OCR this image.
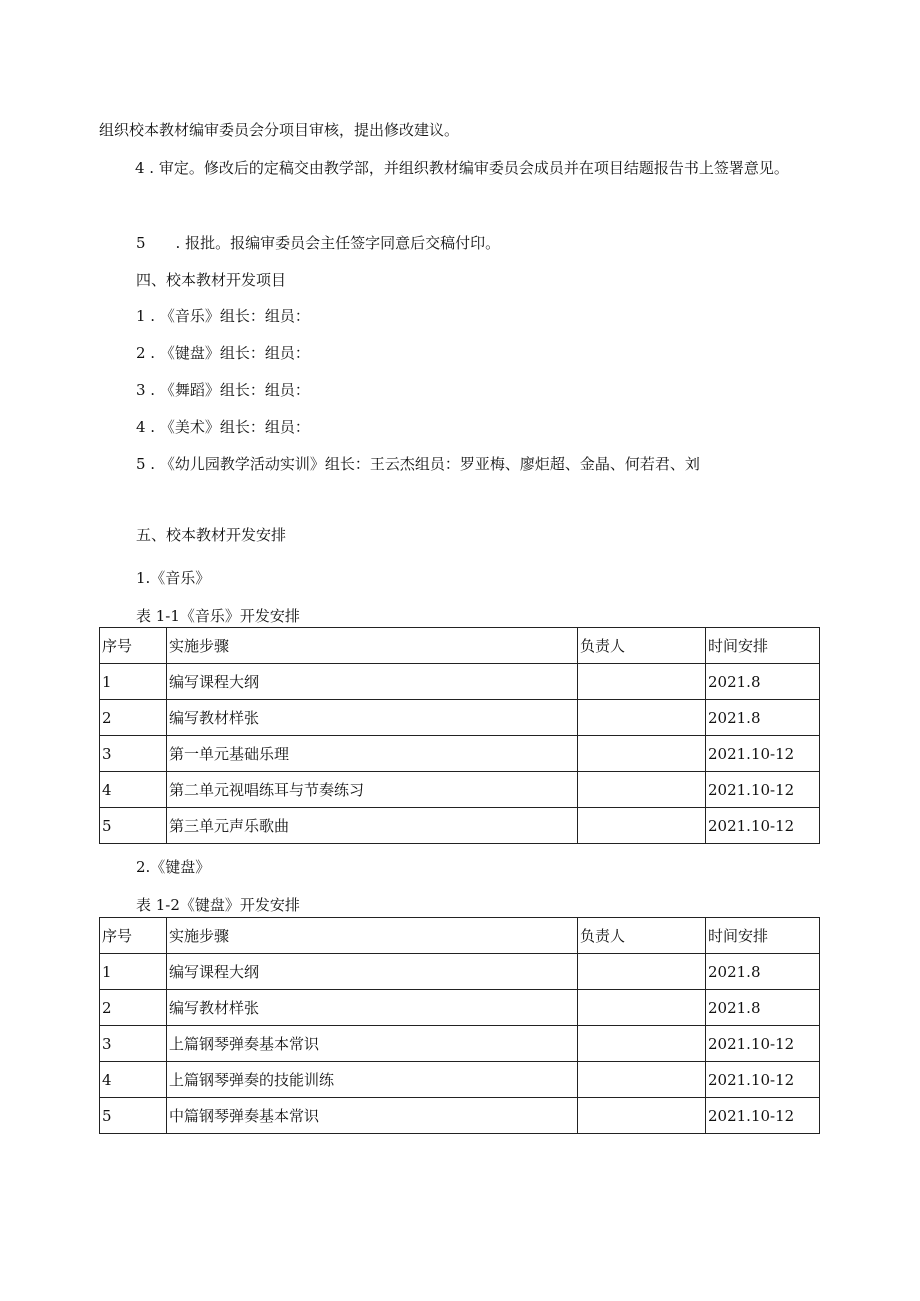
组织校本教材编审委员会分项目审核，提出修改建议。
4 . 审定。修改后的定稿交由教学部，并组织教材编审委员会成员并在项目结题报告书上签署意见。
5　　. 报批。报编审委员会主任签字同意后交稿付印。
四、校本教材开发项目
1 . 《音乐》组长：组员：
2 . 《键盘》组长：组员：
3 . 《舞蹈》组长：组员：
4 . 《美术》组长：组员：
5 . 《幼儿园教学活动实训》组长：王云杰组员：罗亚梅、廖炬超、金晶、何若君、刘
五、校本教材开发安排
1.《音乐》
表 1-1《音乐》开发安排
序号	实施步骤	负责人	时间安排
1	编写课程大纲		2021.8
2	编写教材样张		2021.8
3	第一单元基础乐理		2021.10-12
4	第二单元视唱练耳与节奏练习		2021.10-12
5	第三单元声乐歌曲		2021.10-12
2.《键盘》
表 1-2《键盘》开发安排
序号	实施步骤	负责人	时间安排
1	编写课程大纲		2021.8
2	编写教材样张		2021.8
3	上篇钢琴弹奏基本常识		2021.10-12
4	上篇钢琴弹奏的技能训练		2021.10-12
5	中篇钢琴弹奏基本常识		2021.10-12
